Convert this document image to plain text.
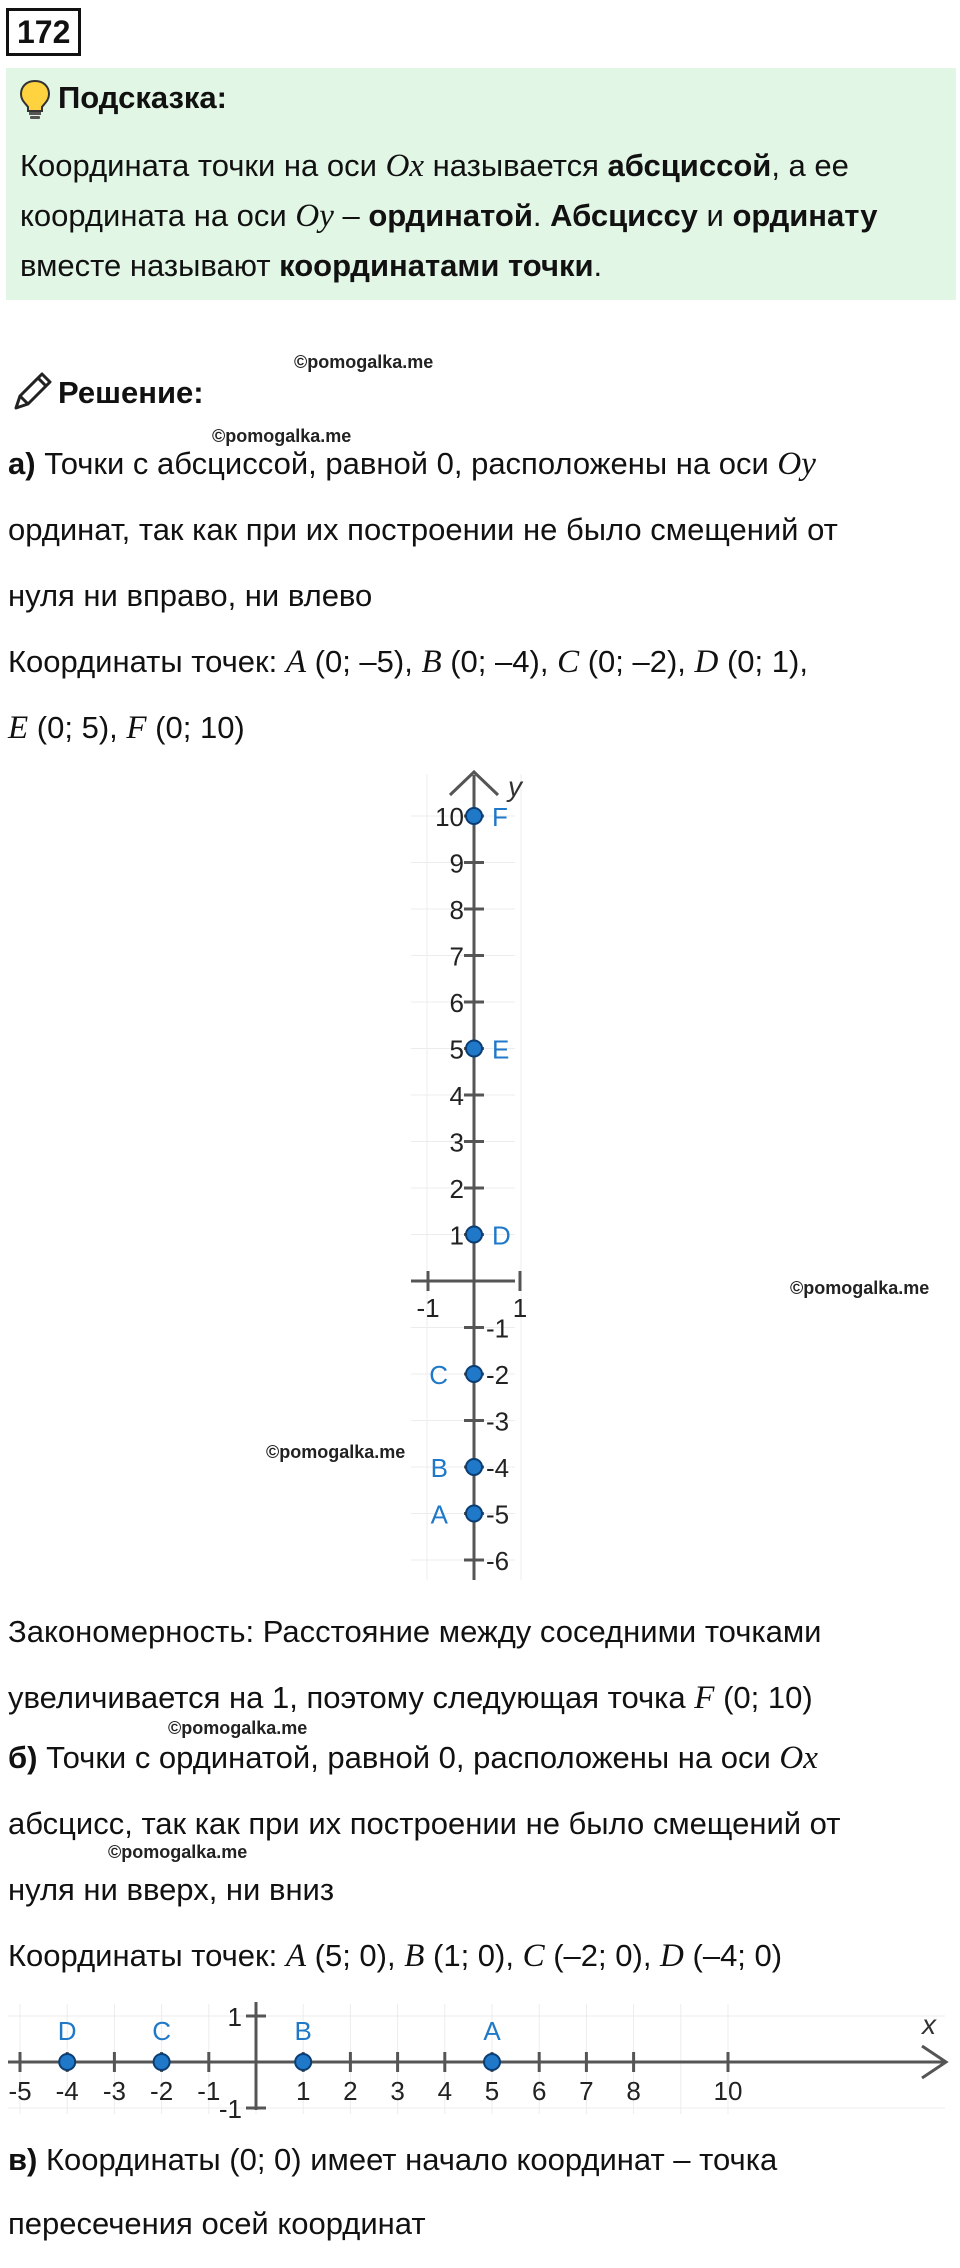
172
Подсказка:
Координата точки на оси Ox называется абсциссой, а ее
координата на оси Oy – ординатой. Абсциссу и ординату
вместе называют координатами точки.
©pomogalka.me
©pomogalka.me
©pomogalka.me
©pomogalka.me
©pomogalka.me
©pomogalka.me
Решение:
а) Точки с абсциссой, равной 0, расположены на оси Oy
ординат, так как при их построении не было смещений от
нуля ни вправо, ни влево
Координаты точек: A (0; –5), B (0; –4), C (0; –2), D (0; 1),
E (0; 5), F (0; 10)
y
-6
-5
-4
-3
-2
-1
1
2
3
4
5
6
7
8
9
10
-1	1
F
E
D
C
B
A
Закономерность: Расстояние между соседними точками
увеличивается на 1, поэтому следующая точка F (0; 10)
б) Точки с ординатой, равной 0, расположены на оси Ox
абсцисс, так как при их построении не было смещений от
нуля ни вверх, ни вниз
Координаты точек: A (5; 0), B (1; 0), C (–2; 0), D (–4; 0)
x
-5 -4 -3 -2 -1	1 2 3 4 5 6 7 8	10
1
-1
D	C	B	A
в) Координаты (0; 0) имеет начало координат – точка
пересечения осей координат
